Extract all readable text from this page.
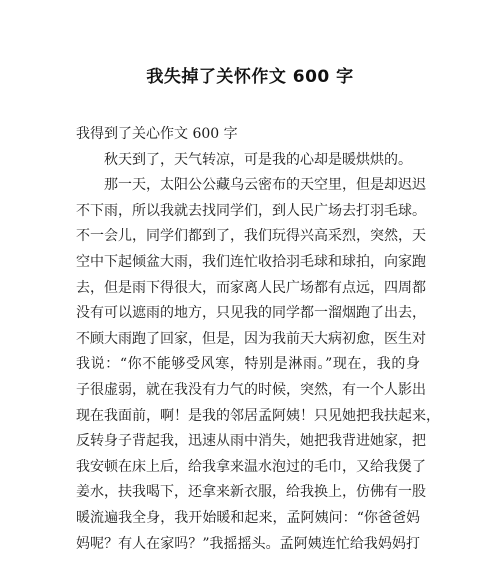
我失掉了关怀作文 600 字
我得到了关心作文 600 字
秋天到了，天气转凉，可是我的心却是暖烘烘的。
那一天，太阳公公藏乌云密布的天空里，但是却迟迟
不下雨，所以我就去找同学们，到人民广场去打羽毛球。
不一会儿，同学们都到了，我们玩得兴高采烈，突然，天
空中下起倾盆大雨，我们连忙收拾羽毛球和球拍，向家跑
去，但是雨下得很大，而家离人民广场都有点远，四周都
没有可以遮雨的地方，只见我的同学都一溜烟跑了出去，
不顾大雨跑了回家，但是，因为我前天大病初愈，医生对
我说：“你不能够受风寒，特别是淋雨。”现在，我的身
子很虚弱，就在我没有力气的时候，突然，有一个人影出
现在我面前，啊！是我的邻居孟阿姨！只见她把我扶起来，
反转身子背起我，迅速从雨中消失，她把我背进她家，把
我安顿在床上后，给我拿来温水泡过的毛巾，又给我煲了
姜水，扶我喝下，还拿来新衣服，给我换上，仿佛有一股
暖流遍我全身，我开始暖和起来，孟阿姨问：“你爸爸妈
妈呢？有人在家吗？”我摇摇头。孟阿姨连忙给我妈妈打
